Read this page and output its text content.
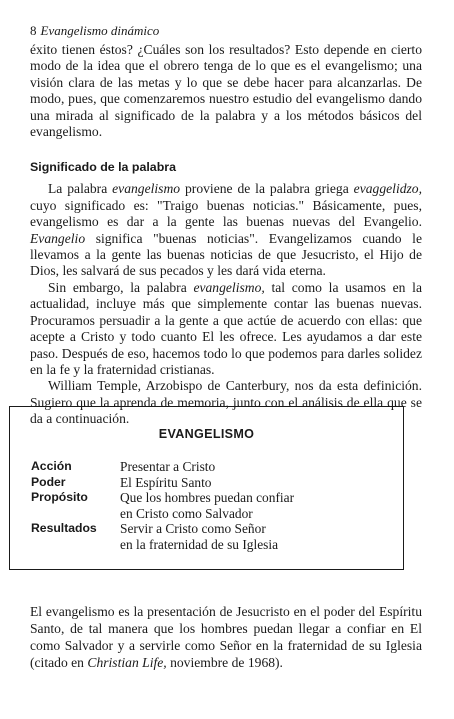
8 Evangelismo dinámico

éxito tienen éstos? ¿Cuáles son los resultados? Esto depende en cierto modo de la idea que el obrero tenga de lo que es el evangelismo; una visión clara de las metas y lo que se debe hacer para alcanzarlas. De modo, pues, que comenzaremos nuestro estudio del evangelismo dando una mirada al significado de la palabra y a los métodos básicos del evangelismo.

Significado de la palabra

La palabra evangelismo proviene de la palabra griega evaggelidzo, cuyo significado es: "Traigo buenas noticias." Básicamente, pues, evangelismo es dar a la gente las buenas nuevas del Evangelio. Evangelio significa "buenas noticias". Evangelizamos cuando le llevamos a la gente las buenas noticias de que Jesucristo, el Hijo de Dios, les salvará de sus pecados y les dará vida eterna.

Sin embargo, la palabra evangelismo, tal como la usamos en la actualidad, incluye más que simplemente contar las buenas nuevas. Procuramos persuadir a la gente a que actúe de acuerdo con ellas: que acepte a Cristo y todo cuanto El les ofrece. Les ayudamos a dar este paso. Después de eso, hacemos todo lo que podemos para darles solidez en la fe y la fraternidad cristianas.

William Temple, Arzobispo de Canterbury, nos da esta definición. Sugiero que la aprenda de memoria, junto con el análisis de ella que se da a continuación.

EVANGELISMO
Acción	Presentar a Cristo
Poder	El Espíritu Santo
Propósito	Que los hombres puedan confiar
en Cristo como Salvador
Resultados	Servir a Cristo como Señor
en la fraternidad de su Iglesia

El evangelismo es la presentación de Jesucristo en el poder del Espíritu Santo, de tal manera que los hombres puedan llegar a confiar en El como Salvador y a servirle como Señor en la fraternidad de su Iglesia (citado en Christian Life, noviembre de 1968).
